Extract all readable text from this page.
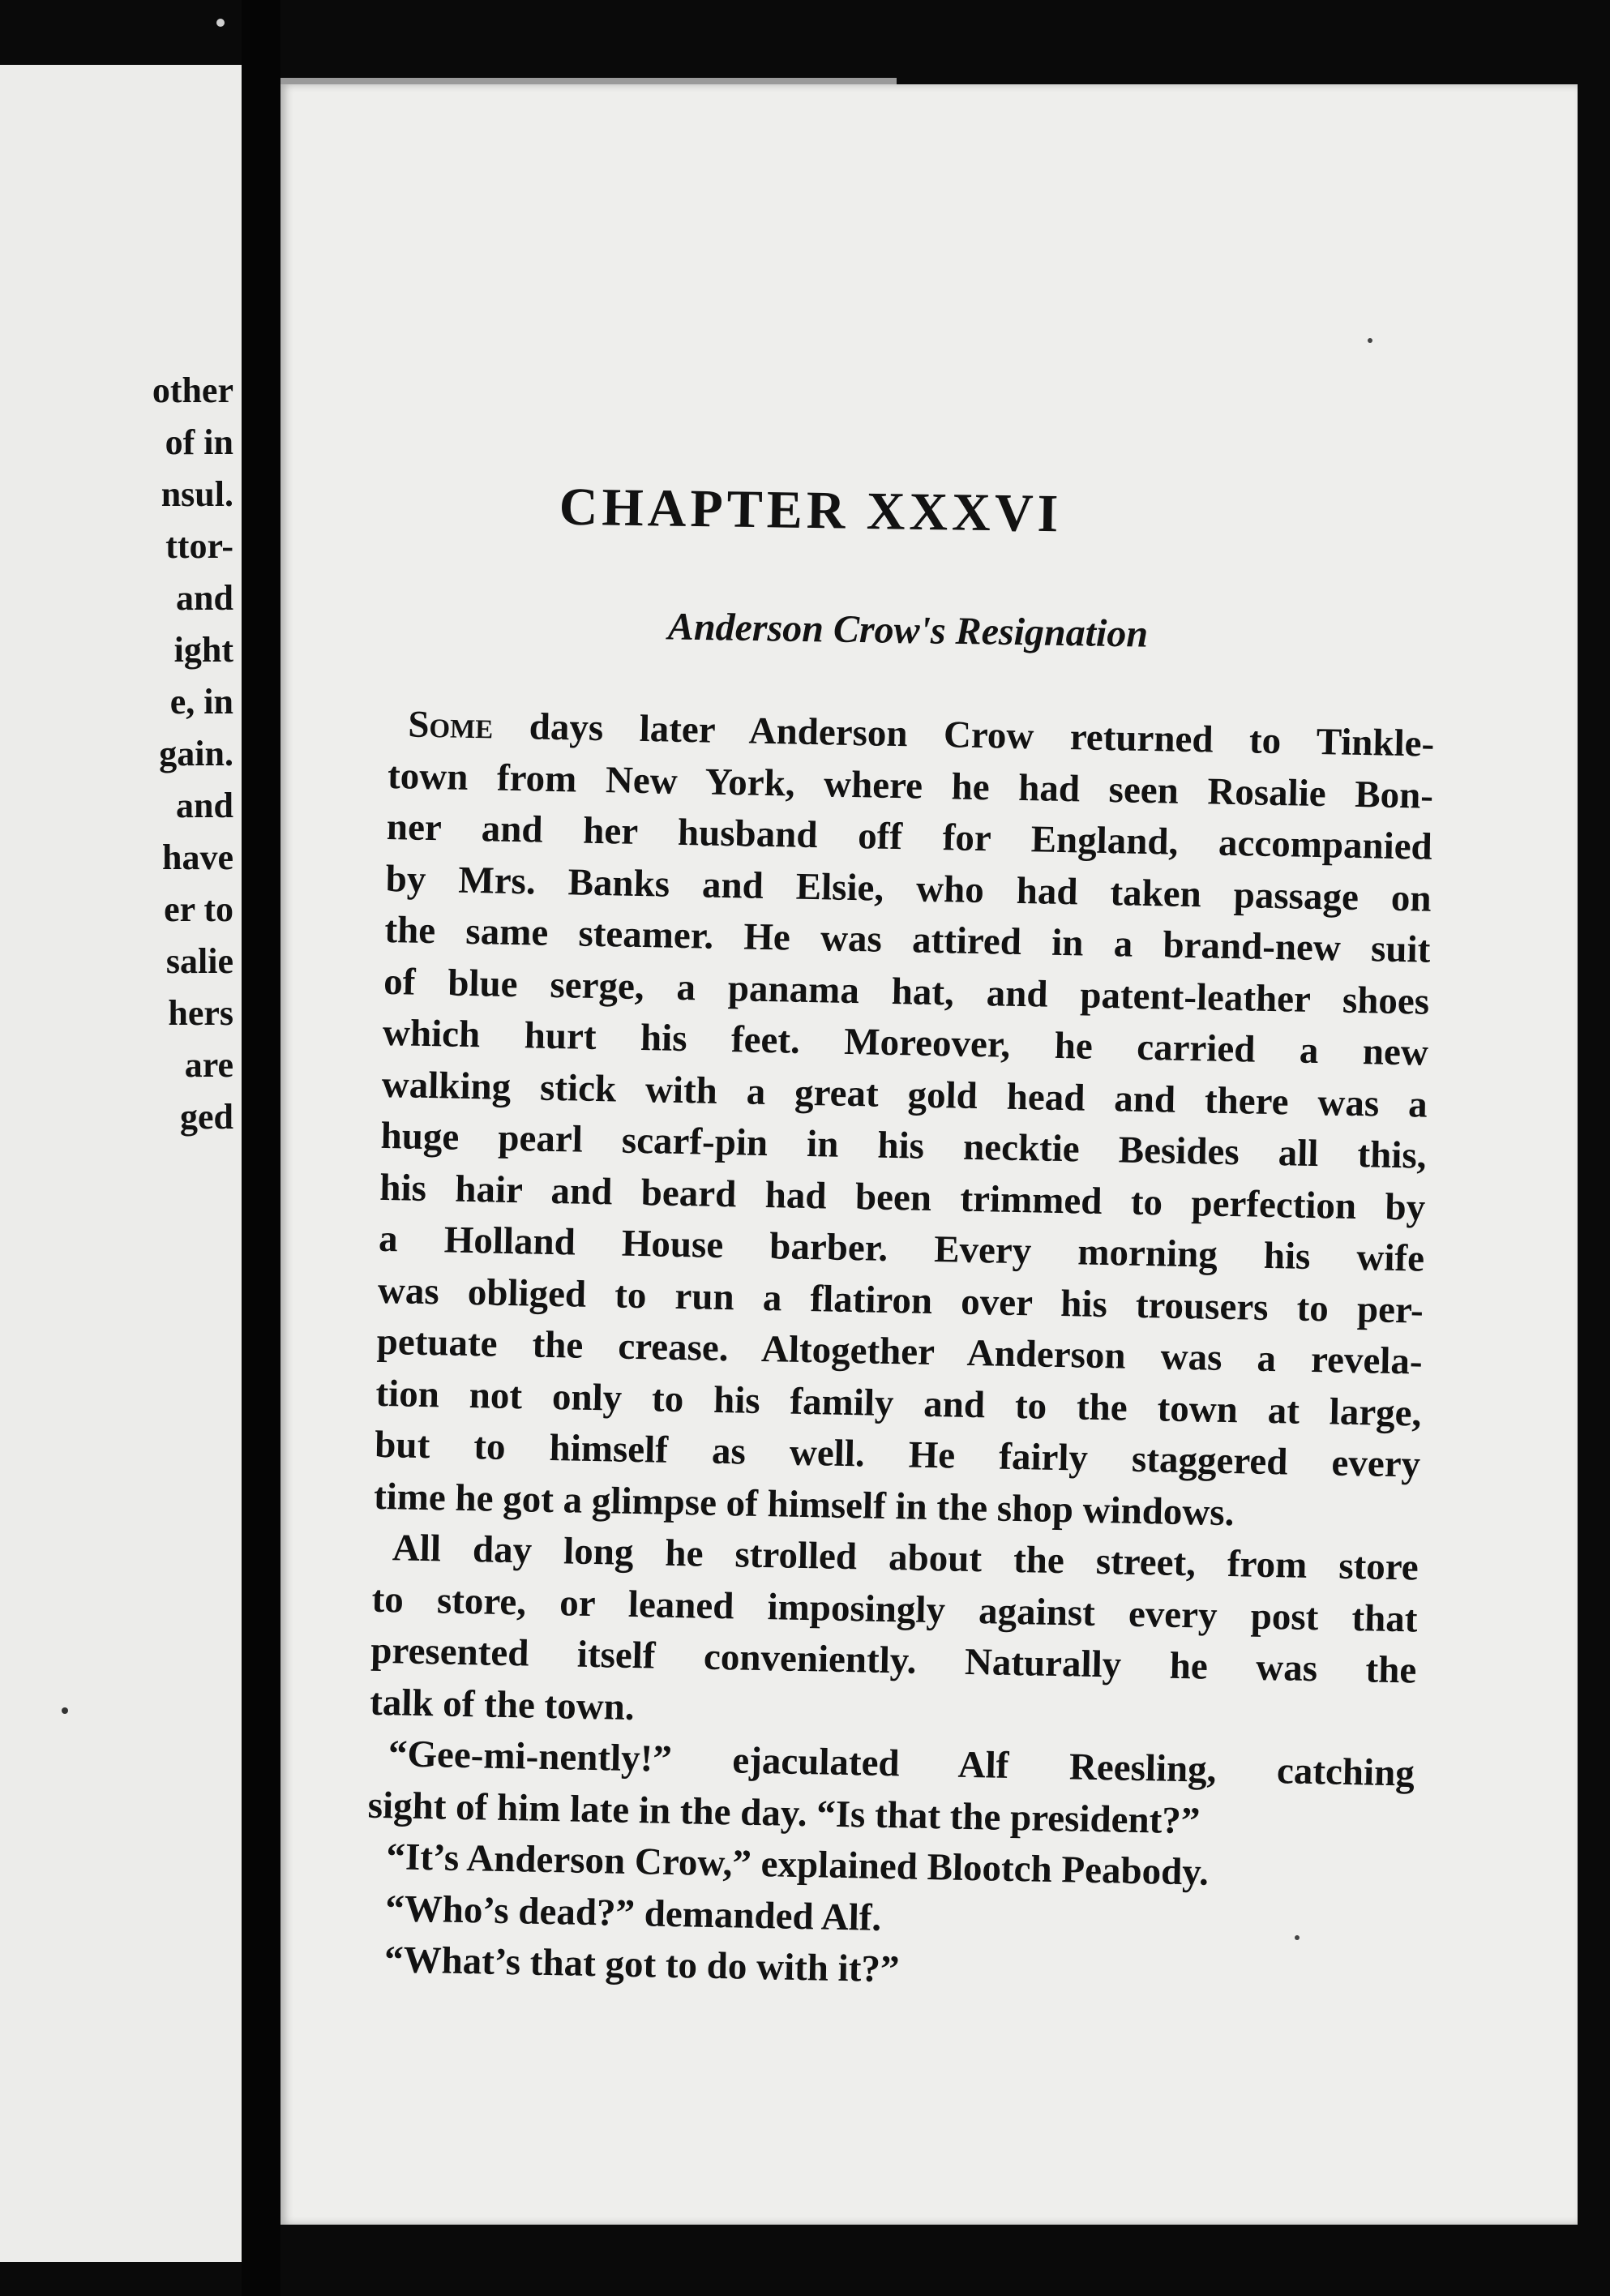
other
of in
nsul.
ttor-
and
ight
e, in
gain.
and
have
er to
salie
hers
are
ged
CHAPTER XXXVI
Anderson Crow's Resignation
Some days later Anderson Crow returned to Tinkle-
town from New York, where he had seen Rosalie Bon-
ner and her husband off for England, accompanied
by Mrs. Banks and Elsie, who had taken passage on
the same steamer. He was attired in a brand-new suit
of blue serge, a panama hat, and patent-leather shoes
which hurt his feet. Moreover, he carried a new
walking stick with a great gold head and there was a
huge pearl scarf-pin in his necktie Besides all this,
his hair and beard had been trimmed to perfection by
a Holland House barber. Every morning his wife
was obliged to run a flatiron over his trousers to per-
petuate the crease. Altogether Anderson was a revela-
tion not only to his family and to the town at large,
but to himself as well. He fairly staggered every
time he got a glimpse of himself in the shop windows.
All day long he strolled about the street, from store
to store, or leaned imposingly against every post that
presented itself conveniently. Naturally he was the
talk of the town.
“Gee-mi-nently!” ejaculated Alf Reesling, catching
sight of him late in the day. “Is that the president?”
“It’s Anderson Crow,” explained Blootch Peabody.
“Who’s dead?” demanded Alf.
“What’s that got to do with it?”
